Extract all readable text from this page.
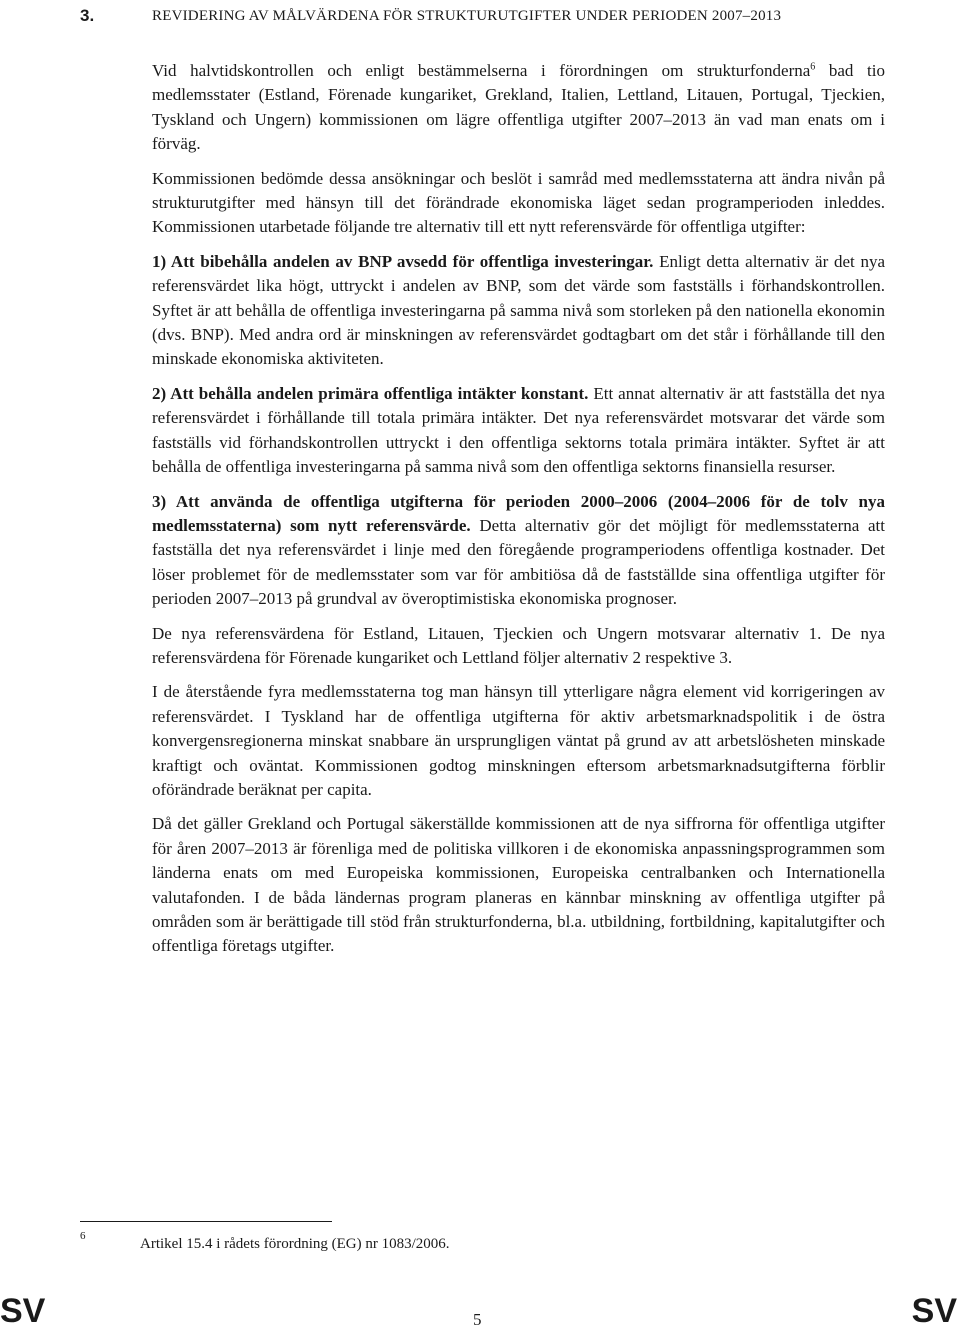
3.	REVIDERING AV MÅLVÄRDENA FÖR STRUKTURUTGIFTER UNDER PERIODEN 2007–2013

Vid halvtidskontrollen och enligt bestämmelserna i förordningen om strukturfonderna$^6$ bad tio medlemsstater (Estland, Förenade kungariket, Grekland, Italien, Lettland, Litauen, Portugal, Tjeckien, Tyskland och Ungern) kommissionen om lägre offentliga utgifter 2007–2013 än vad man enats om i förväg.

Kommissionen bedömde dessa ansökningar och beslöt i samråd med medlemsstaterna att ändra nivån på strukturutgifter med hänsyn till det förändrade ekonomiska läget sedan programperioden inleddes. Kommissionen utarbetade följande tre alternativ till ett nytt referensvärde för offentliga utgifter:

1) Att bibehålla andelen av BNP avsedd för offentliga investeringar. Enligt detta alternativ är det nya referensvärdet lika högt, uttryckt i andelen av BNP, som det värde som fastställs i förhandskontrollen. Syftet är att behålla de offentliga investeringarna på samma nivå som storleken på den nationella ekonomin (dvs. BNP). Med andra ord är minskningen av referensvärdet godtagbart om det står i förhållande till den minskade ekonomiska aktiviteten.

2) Att behålla andelen primära offentliga intäkter konstant. Ett annat alternativ är att fastställa det nya referensvärdet i förhållande till totala primära intäkter. Det nya referensvärdet motsvarar det värde som fastställs vid förhandskontrollen uttryckt i den offentliga sektorns totala primära intäkter. Syftet är att behålla de offentliga investeringarna på samma nivå som den offentliga sektorns finansiella resurser.

3) Att använda de offentliga utgifterna för perioden 2000–2006 (2004–2006 för de tolv nya medlemsstaterna) som nytt referensvärde. Detta alternativ gör det möjligt för medlemsstaterna att fastställa det nya referensvärdet i linje med den föregående programperiodens offentliga kostnader. Det löser problemet för de medlemsstater som var för ambitiösa då de fastställde sina offentliga utgifter för perioden 2007–2013 på grundval av överoptimistiska ekonomiska prognoser.

De nya referensvärdena för Estland, Litauen, Tjeckien och Ungern motsvarar alternativ 1. De nya referensvärdena för Förenade kungariket och Lettland följer alternativ 2 respektive 3.

I de återstående fyra medlemsstaterna tog man hänsyn till ytterligare några element vid korrigeringen av referensvärdet. I Tyskland har de offentliga utgifterna för aktiv arbetsmarknadspolitik i de östra konvergensregionerna minskat snabbare än ursprungligen väntat på grund av att arbetslösheten minskade kraftigt och oväntat. Kommissionen godtog minskningen eftersom arbetsmarknadsutgifterna förblir oförändrade beräknat per capita.

Då det gäller Grekland och Portugal säkerställde kommissionen att de nya siffrorna för offentliga utgifter för åren 2007–2013 är förenliga med de politiska villkoren i de ekonomiska anpassningsprogrammen som länderna enats om med Europeiska kommissionen, Europeiska centralbanken och Internationella valutafonden. I de båda ländernas program planeras en kännbar minskning av offentliga utgifter på områden som är berättigade till stöd från strukturfonderna, bl.a. utbildning, fortbildning, kapitalutgifter och offentliga företags utgifter.

6	Artikel 15.4 i rådets förordning (EG) nr 1083/2006.
SV	5	SV
